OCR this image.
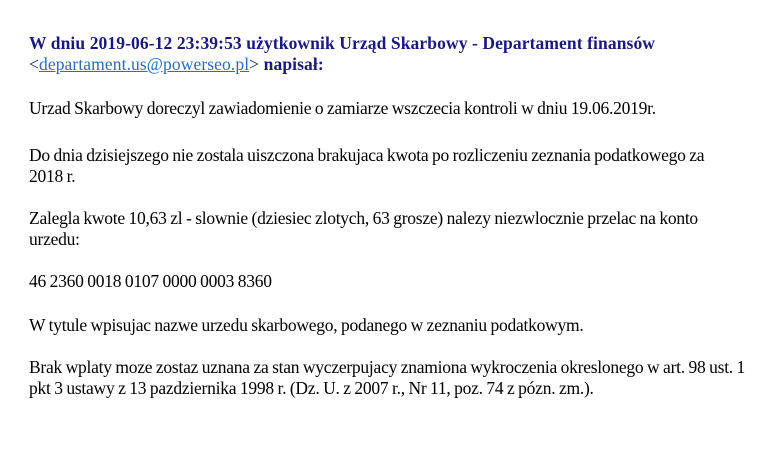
W dniu 2019-06-12 23:39:53 użytkownik Urząd Skarbowy - Departament finansów
<departament.us@powerseo.pl> napisał:

Urzad Skarbowy doreczyl zawiadomienie o zamiarze wszczecia kontroli w dniu 19.06.2019r.

Do dnia dzisiejszego nie zostala uiszczona brakujaca kwota po rozliczeniu zeznania podatkowego za 2018 r.

Zalegla kwote 10,63 zl - slownie (dziesiec zlotych, 63 grosze) nalezy niezwlocznie przelac na konto urzedu:

46 2360 0018 0107 0000 0003 8360

W tytule wpisujac nazwe urzedu skarbowego, podanego w zeznaniu podatkowym.

Brak wplaty moze zostaz uznana za stan wyczerpujacy znamiona wykroczenia okreslonego w art. 98 ust. 1 pkt 3 ustawy z 13 pazdziernika 1998 r. (Dz. U. z 2007 r., Nr 11, poz. 74 z pózn. zm.).
